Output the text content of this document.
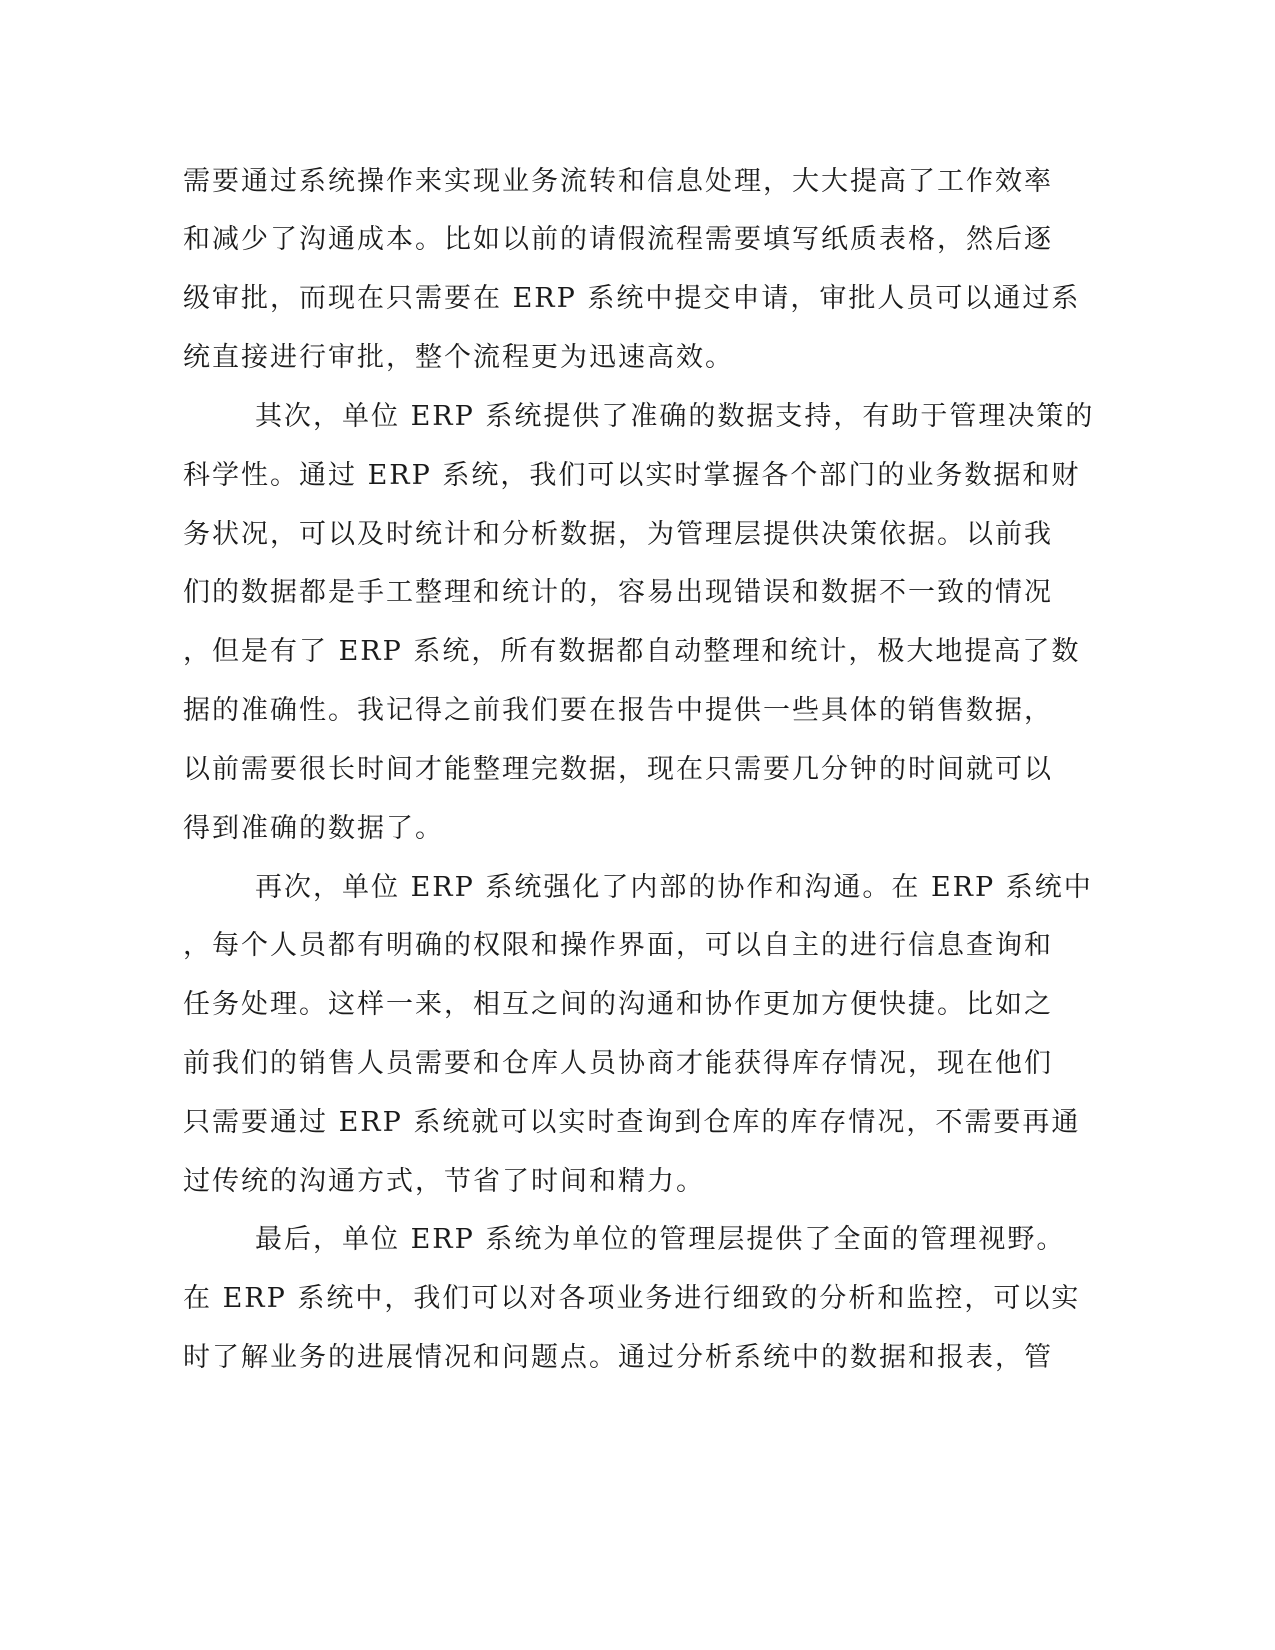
需要通过系统操作来实现业务流转和信息处理，大大提高了工作效率
和减少了沟通成本。比如以前的请假流程需要填写纸质表格，然后逐
级审批，而现在只需要在 ERP 系统中提交申请，审批人员可以通过系
统直接进行审批，整个流程更为迅速高效。
其次，单位 ERP 系统提供了准确的数据支持，有助于管理决策的
科学性。通过 ERP 系统，我们可以实时掌握各个部门的业务数据和财
务状况，可以及时统计和分析数据，为管理层提供决策依据。以前我
们的数据都是手工整理和统计的，容易出现错误和数据不一致的情况
，但是有了 ERP 系统，所有数据都自动整理和统计，极大地提高了数
据的准确性。我记得之前我们要在报告中提供一些具体的销售数据，
以前需要很长时间才能整理完数据，现在只需要几分钟的时间就可以
得到准确的数据了。
再次，单位 ERP 系统强化了内部的协作和沟通。在 ERP 系统中
，每个人员都有明确的权限和操作界面，可以自主的进行信息查询和
任务处理。这样一来，相互之间的沟通和协作更加方便快捷。比如之
前我们的销售人员需要和仓库人员协商才能获得库存情况，现在他们
只需要通过 ERP 系统就可以实时查询到仓库的库存情况，不需要再通
过传统的沟通方式，节省了时间和精力。
最后，单位 ERP 系统为单位的管理层提供了全面的管理视野。
在 ERP 系统中，我们可以对各项业务进行细致的分析和监控，可以实
时了解业务的进展情况和问题点。通过分析系统中的数据和报表，管
